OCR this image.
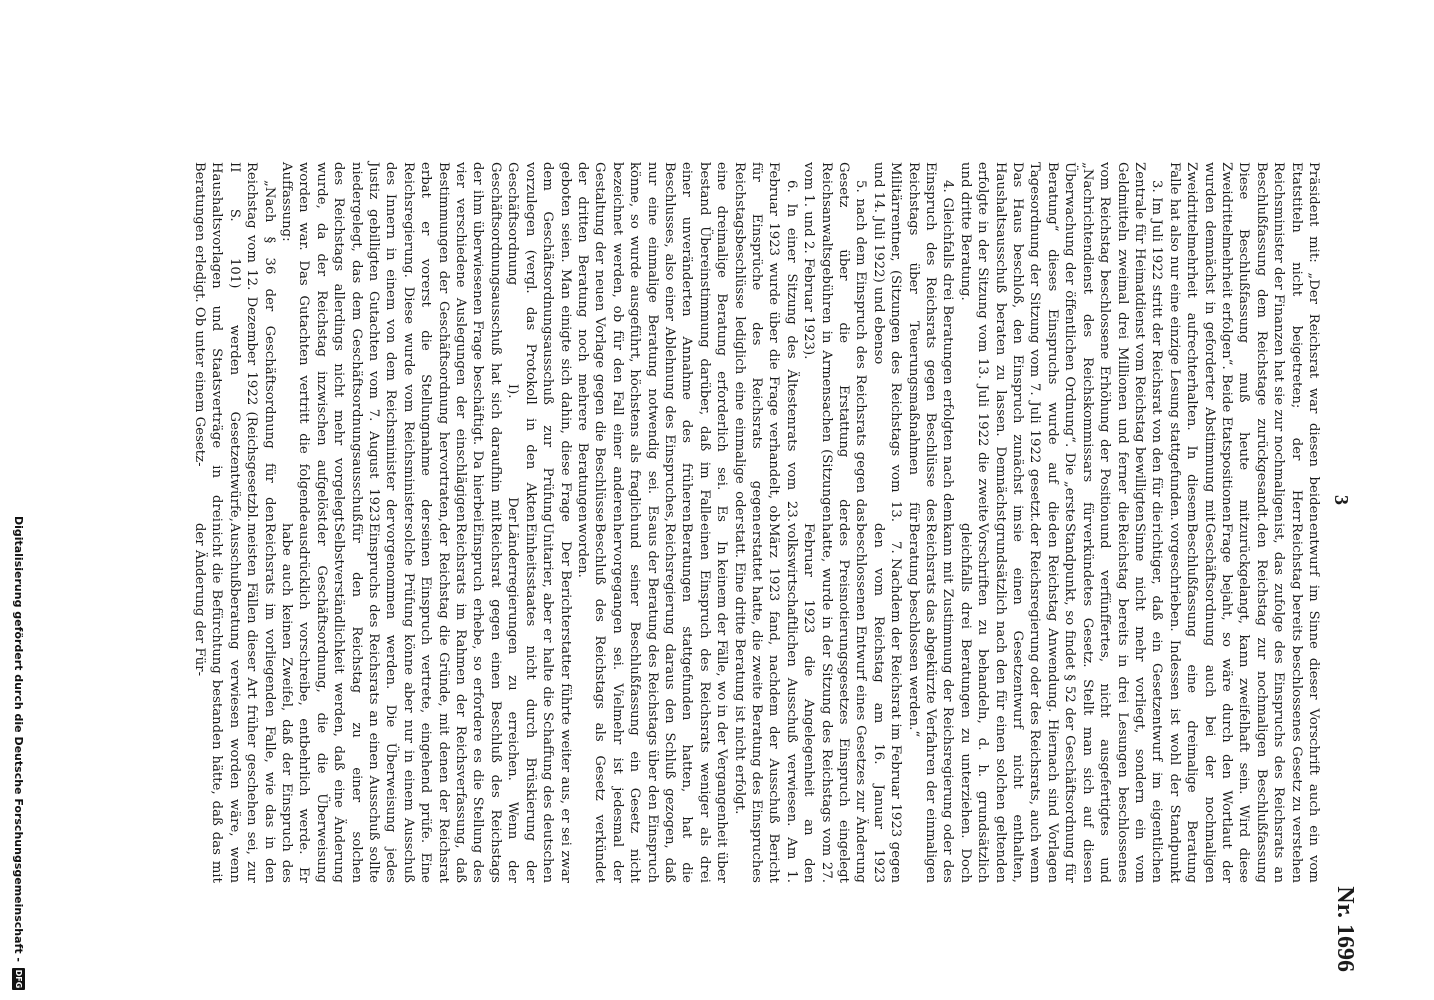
3
Nr. 1696

Präsident mit: „Der Reichsrat war diesen beiden Etatstiteln nicht beigetreten; der Herr Reichsminister der Finanzen hat sie zur nochmaligen Beschlußfassung dem Reichstage zurückgesandt. Diese Beschlußfassung muß heute mit Zweidrittelmehrheit erfolgen“. Beide Etatspositionen wurden demnächst in geforderter Abstimmung mit Zweidrittelmehrheit aufrechterhalten. In diesem Falle hat also nur eine einzige Lesung stattgefunden.

3. Im Juli 1922 stritt der Reichsrat von den für die Zentrale für Heimatdienst vom Reichstag bewilligten Geldmitteln zweimal drei Millionen und ferner die vom Reichstag beschlossene Erhöhung der Position „Nachrichtendienst des Reichskommissars für Überwachung der öffentlichen Ordnung“. Die „erste Beratung“ dieses Einspruchs wurde auf die Tagesordnung der Sitzung vom 7. Juli 1922 gesetzt. Das Haus beschloß, den Einspruch zunächst im Haushaltsausschuß beraten zu lassen. Demnächst erfolgte in der Sitzung vom 13. Juli 1922 die zweite und dritte Beratung.

4. Gleichfalls drei Beratungen erfolgten nach dem Einspruch des Reichsrats gegen Beschlüsse des Reichstags über Teuerungsmaßnahmen für Militärrentner, (Sitzungen des Reichstags vom 13. und 14. Juli 1922) und ebenso

5. nach dem Einspruch des Reichsrats gegen das Gesetz über die Erstattung der Reichsanwaltsgebühren in Armensachen (Sitzungen vom 1. und 2. Februar 1923).

6. In einer Sitzung des Ältestenrats vom 23. Februar 1923 wurde über die Frage verhandelt, ob für Einsprüche des Reichsrats gegen Reichstagsbeschlüsse lediglich eine einmalige oder eine dreimalige Beratung erforderlich sei. Es bestand Übereinstimmung darüber, daß im Falle einer unveränderten Annahme des früheren Beschlusses, also einer Ablehnung des Einspruches, nur eine einmalige Beratung notwendig sei. Es könne, so wurde ausgeführt, höchstens als fraglich bezeichnet werden, ob für den Fall einer anderen Gestaltung der neuen Vorlage gegen die Beschlüsse der dritten Beratung noch mehrere Beratungen geboten seien. Man einigte sich dahin, diese Frage dem Geschäftsordnungsausschuß zur Prüfung vorzulegen (vergl. das Protokoll in den Akten Geschäftsordnung I). Der Geschäftsordnungsausschuß hat sich daraufhin mit der ihm überwiesenen Frage beschäftigt. Da hierbei vier verschiedene Auslegungen der einschlägigen Bestimmungen der Geschäftsordnung hervortraten, erbat er vorerst die Stellungnahme der Reichsregierung. Diese wurde vom Reichsminister des Innern in einem von dem Reichsminister der Justiz gebilligten Gutachten vom 7. August 1923 niedergelegt, das dem Geschäftsordnungsausschuß des Reichstags allerdings nicht mehr vorgelegt wurde, da der Reichstag inzwischen aufgelöst worden war. Das Gutachten vertritt die folgende Auffassung:

„Nach § 36 der Geschäftsordnung für den Reichstag vom 12. Dezember 1922 (Reichsgesetzbl. II S. 101) werden Gesetzentwürfe, Haushaltsvorlagen und Staatsverträge in drei Beratungen erledigt. Ob unter einem Gesetz-

entwurf im Sinne dieser Vorschrift auch ein vom Reichstag bereits beschlossenes Gesetz zu verstehen ist, das zufolge des Einspruchs des Reichsrats an den Reichstag zur nochmaligen Beschlußfassung zurückgelangt, kann zweifelhaft sein. Wird diese Frage bejaht, so wäre durch den Wortlaut der Geschäftsordnung auch bei der nochmaligen Beschlußfassung eine dreimalige Beratung vorgeschrieben. Indessen ist wohl der Standpunkt richtiger, daß ein Gesetzentwurf im eigentlichen Sinne nicht mehr vorliegt, sondern ein vom Reichstag bereits in drei Lesungen beschlossenes und verfünffertes, nicht ausgefertigtes und verkündetes Gesetz. Stellt man sich auf diesen Standpunkt, so findet § 52 der Geschäftsordnung für den Reichstag Anwendung. Hiernach sind Vorlagen der Reichsregierung oder des Reichsrats, auch wenn sie einen Gesetzentwurf nicht enthalten, grundsätzlich nach den für einen solchen geltenden Vorschriften zu behandeln, d. h. grundsätzlich gleichfalls drei Beratungen zu unterziehen. Doch kann mit Zustimmung der Reichsregierung oder des Reichsrats das abgekürzte Verfahren der einmaligen Beratung beschlossen werden.“

7. Nachdem der Reichsrat im Februar 1923 gegen den vom Reichstag am 16. Januar 1923 beschlossenen Entwurf eines Gesetzes zur Änderung des Preisnotierungsgesetzes Einspruch eingelegt hatte, wurde in der Sitzung des Reichstags vom 27. Februar 1923 die Angelegenheit an den volkswirtschaftlichen Ausschuß verwiesen. Am 1. März 1923 fand, nachdem der Ausschuß Bericht erstattet hatte, die zweite Beratung des Einspruches statt. Eine dritte Beratung ist nicht erfolgt.

In keinem der Fälle, wo in der Vergangenheit über einen Einspruch des Reichsrats weniger als drei Beratungen stattgefunden hatten, hat die Reichsregierung daraus den Schluß gezogen, daß aus der Beratung des Reichstags über den Einspruch und seiner Beschlußfassung ein Gesetz nicht hervorgegangen sei. Vielmehr ist jedesmal der Beschluß des Reichstags als Gesetz verkündet worden.

Der Berichterstatter führte weiter aus, er sei zwar Unitarier, aber er halte die Schaffung des deutschen Einheitsstaates nicht durch Brüskierung der Länderregierungen zu erreichen. Wenn der Reichsrat gegen einen Beschluß des Reichstags Einspruch erhebe, so erfordere es die Stellung des Reichsrats im Rahmen der Reichsverfassung, daß der Reichstag die Gründe, mit denen der Reichsrat seinen Einspruch vertrete, eingehend prüfe. Eine solche Prüfung könne aber nur in einem Ausschuß vorgenommen werden. Die Überweisung jedes Einspruchs des Reichsrats an einen Ausschuß sollte für den Reichstag zu einer solchen Selbstverständlichkeit werden, daß eine Änderung der Geschäftsordnung, die die Überweisung ausdrücklich vorschreibe, entbehrlich werde. Er habe auch keinen Zweifel, daß der Einspruch des Reichsrats im vorliegenden Falle, wie das in den meisten Fällen dieser Art früher geschehen sei, zur Ausschußberatung verwiesen worden wäre, wenn nicht die Befürchtung bestanden hätte, daß das mit der Änderung der Für-

Digitalisierung gefördert durch die Deutsche Forschungsgemeinschaft -
DFG
